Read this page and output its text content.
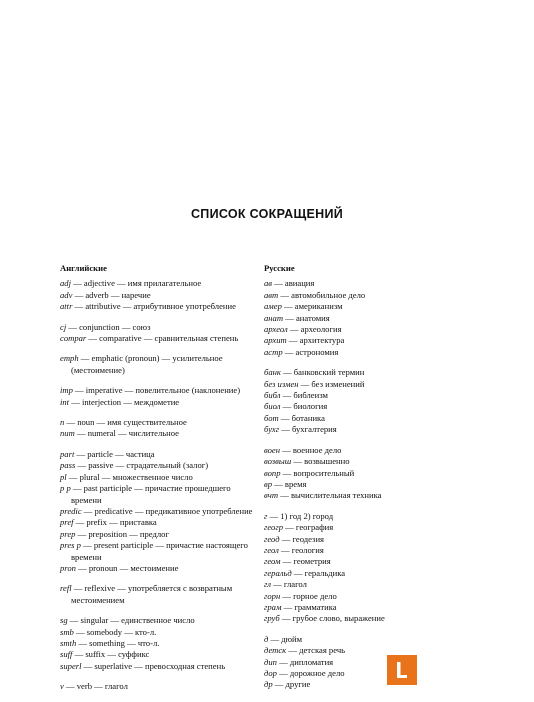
СПИСОК СОКРАЩЕНИЙ
Английские
adj — adjective — имя прилагательное
adv — adverb — наречие
attr — attributive — атрибутивное употребление
cj — conjunction — союз
compar — comparative — сравнительная степень
emph — emphatic (pronoun) — усилительное (местоимение)
imp — imperative — повелительное (наклонение)
int — interjection — междометие
n — noun — имя существительное
num — numeral — числительное
part — particle — частица
pass — passive — страдательный (залог)
pl — plural — множественное число
p p — past participle — причастие прошедшего времени
predic — predicative — предикативное употребление
pref — prefix — приставка
prep — preposition — предлог
pres p — present participle — причастие настоящего времени
pron — pronoun — местоимение
refl — reflexive — употребляется с возвратным местоимением
sg — singular — единственное число
smb — somebody — кто-л.
smth — something — что-л.
suff — suffix — суффикс
superl — superlative — превосходная степень
v — verb — глагол
Русские
ав — авиация
авт — автомобильное дело
амер — американизм
анат — анатомия
археол — археология
архит — архитектура
астр — астрономия
банк — банковский термин
без измен — без изменений
библ — библеизм
биол — биология
бот — ботаника
бухг — бухгалтерия
воен — военное дело
возвыш — возвышенно
вопр — вопросительный
вр — время
вчт — вычислительная техника
г — 1) год 2) город
геогр — география
геод — геодезия
геол — геология
геом — геометрия
геральд — геральдика
гл — глагол
горн — горное дело
грам — грамматика
груб — грубое слово, выражение
д — дюйм
детск — детская речь
дип — дипломатия
дор — дорожное дело
др — другие
